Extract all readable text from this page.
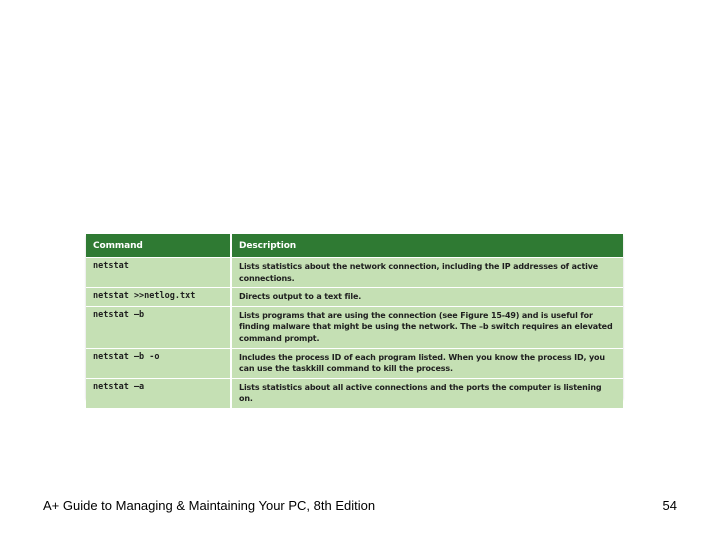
Command	Description
netstat	Lists statistics about the network connection, including the IP addresses of active connections.
netstat >>netlog.txt	Directs output to a text file.
netstat –b	Lists programs that are using the connection (see Figure 15-49) and is useful for finding malware that might be using the network. The –b switch requires an elevated command prompt.
netstat –b -o	Includes the process ID of each program listed. When you know the process ID, you can use the taskkill command to kill the process.
netstat –a	Lists statistics about all active connections and the ports the computer is listening on.
A+ Guide to Managing & Maintaining Your PC, 8th Edition	54
